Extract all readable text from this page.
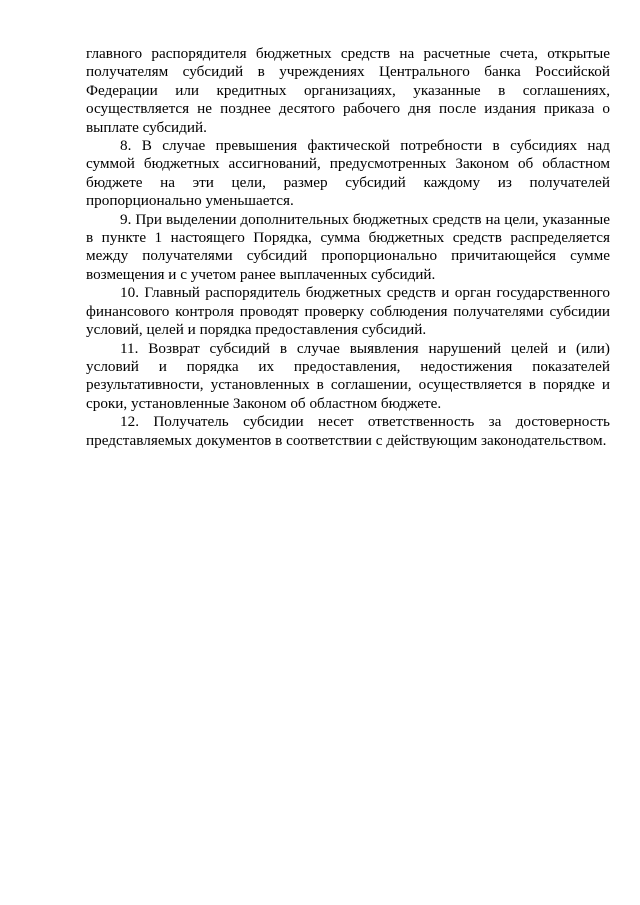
главного распорядителя бюджетных средств на расчетные счета, открытые получателям субсидий в учреждениях Центрального банка Российской Федерации или кредитных организациях, указанные в соглашениях, осуществляется не позднее десятого рабочего дня после издания приказа о выплате субсидий.

8. В случае превышения фактической потребности в субсидиях над суммой бюджетных ассигнований, предусмотренных Законом об областном бюджете на эти цели, размер субсидий каждому из получателей пропорционально уменьшается.

9. При выделении дополнительных бюджетных средств на цели, указанные в пункте 1 настоящего Порядка, сумма бюджетных средств распределяется между получателями субсидий пропорционально причитающейся сумме возмещения и с учетом ранее выплаченных субсидий.

10. Главный распорядитель бюджетных средств и орган государственного финансового контроля проводят проверку соблюдения получателями субсидии условий, целей и порядка предоставления субсидий.

11. Возврат субсидий в случае выявления нарушений целей и (или) условий и порядка их предоставления, недостижения показателей результативности, установленных в соглашении, осуществляется в порядке и сроки, установленные Законом об областном бюджете.

12. Получатель субсидии несет ответственность за достоверность представляемых документов в соответствии с действующим законодательством.
